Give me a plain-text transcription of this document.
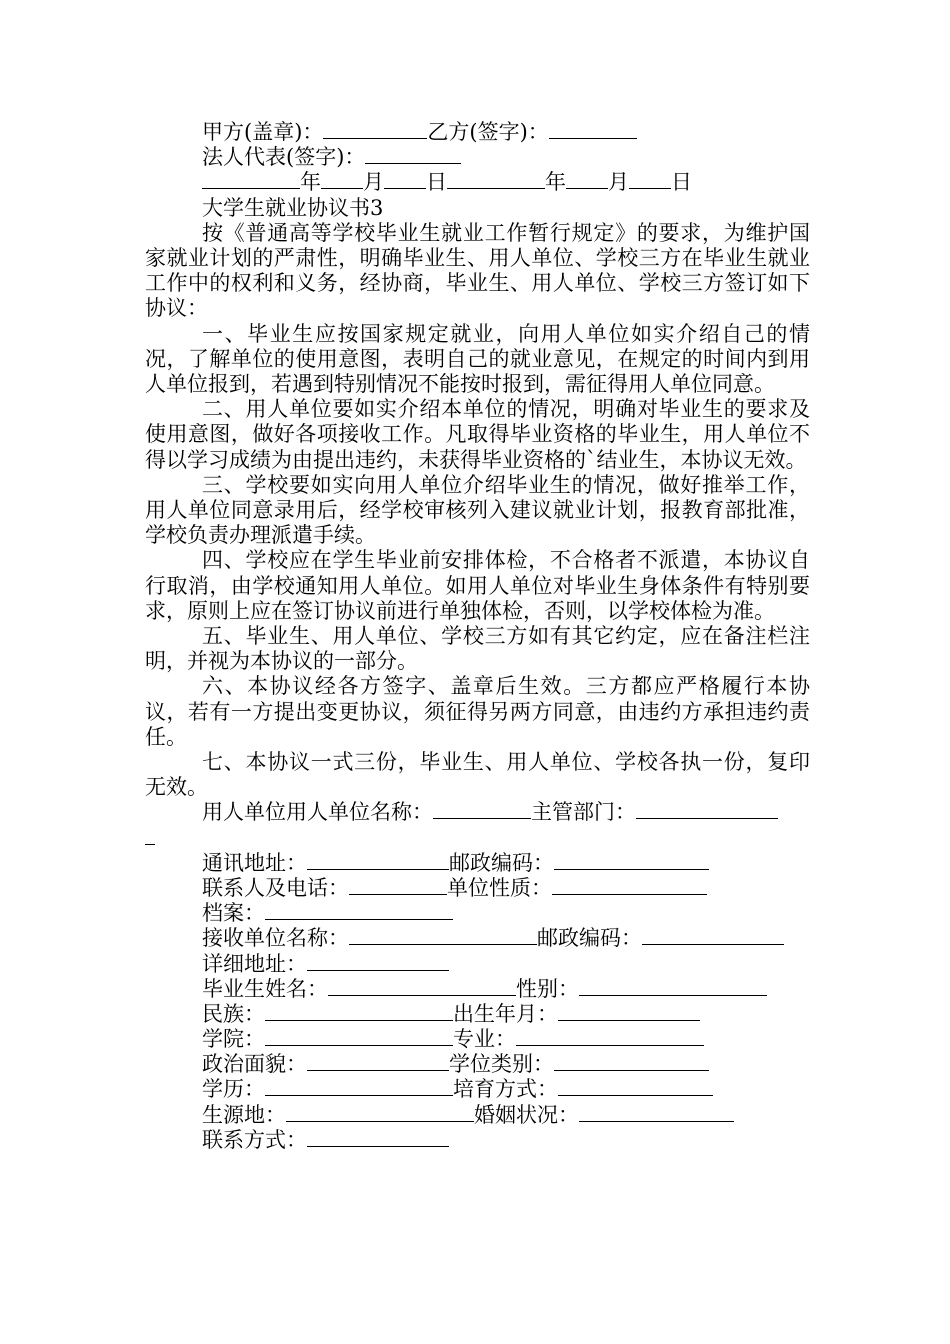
甲方(盖章)：	乙方(签字)：
法人代表(签字)：
年 月 日	年 月 日
大学生就业协议书3
按《普通高等学校毕业生就业工作暂行规定》的要求，为维护国家就业计划的严肃性，明确毕业生、用人单位、学校三方在毕业生就业工作中的权利和义务，经协商，毕业生、用人单位、学校三方签订如下协议：
一、毕业生应按国家规定就业，向用人单位如实介绍自己的情况，了解单位的使用意图，表明自己的就业意见，在规定的时间内到用人单位报到，若遇到特别情况不能按时报到，需征得用人单位同意。
二、用人单位要如实介绍本单位的情况，明确对毕业生的要求及使用意图，做好各项接收工作。凡取得毕业资格的毕业生，用人单位不得以学习成绩为由提出违约，未获得毕业资格的`结业生，本协议无效。
三、学校要如实向用人单位介绍毕业生的情况，做好推举工作，用人单位同意录用后，经学校审核列入建议就业计划，报教育部批准，学校负责办理派遣手续。
四、学校应在学生毕业前安排体检，不合格者不派遣，本协议自行取消，由学校通知用人单位。如用人单位对毕业生身体条件有特别要求，原则上应在签订协议前进行单独体检，否则，以学校体检为准。
五、毕业生、用人单位、学校三方如有其它约定，应在备注栏注明，并视为本协议的一部分。
六、本协议经各方签字、盖章后生效。三方都应严格履行本协议，若有一方提出变更协议，须征得另两方同意，由违约方承担违约责任。
七、本协议一式三份，毕业生、用人单位、学校各执一份，复印无效。
用人单位用人单位名称：	主管部门：
通讯地址：	邮政编码：
联系人及电话：	单位性质：
档案：
接收单位名称：	邮政编码：
详细地址：
毕业生姓名：	性别：
民族：	出生年月：
学院：	专业：
政治面貌：	学位类别：
学历：	培育方式：
生源地：	婚姻状况：
联系方式：
